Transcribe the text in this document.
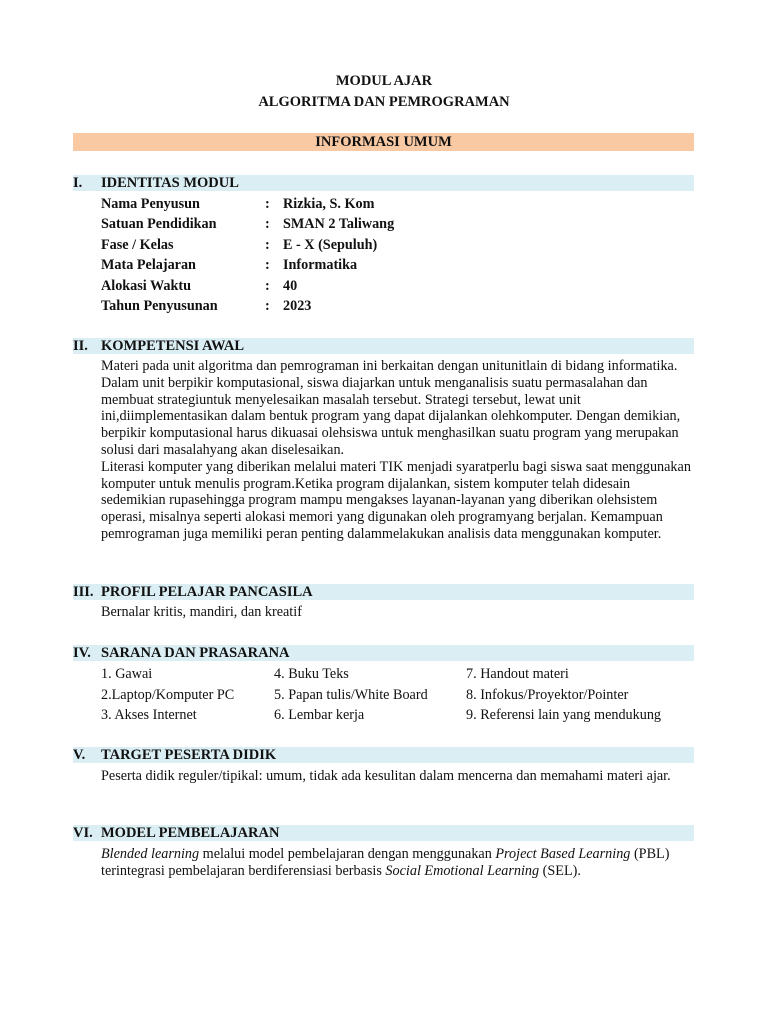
MODUL AJAR
ALGORITMA DAN PEMROGRAMAN
INFORMASI UMUM
I. IDENTITAS MODUL
Nama Penyusun	: Rizkia, S. Kom
Satuan Pendidikan	: SMAN 2 Taliwang
Fase / Kelas	: E - X (Sepuluh)
Mata Pelajaran	: Informatika
Alokasi Waktu	: 40
Tahun Penyusunan	: 2023
II. KOMPETENSI AWAL

Materi pada unit algoritma dan pemrograman ini berkaitan dengan unitunitlain di bidang informatika. Dalam unit berpikir komputasional, siswa diajarkan untuk menganalisis suatu permasalahan dan membuat strategiuntuk menyelesaikan masalah tersebut. Strategi tersebut, lewat unit ini,diimplementasikan dalam bentuk program yang dapat dijalankan olehkomputer. Dengan demikian, berpikir komputasional harus dikuasai olehsiswa untuk menghasilkan suatu program yang merupakan solusi dari masalahyang akan diselesaikan.

Literasi komputer yang diberikan melalui materi TIK menjadi syaratperlu bagi siswa saat menggunakan komputer untuk menulis program.Ketika program dijalankan, sistem komputer telah didesain sedemikian rupasehingga program mampu mengakses layanan-layanan yang diberikan olehsistem operasi, misalnya seperti alokasi memori yang digunakan oleh programyang berjalan. Kemampuan pemrograman juga memiliki peran penting dalammelakukan analisis data menggunakan komputer.

III. PROFIL PELAJAR PANCASILA
Bernalar kritis, mandiri, dan kreatif
IV. SARANA DAN PRASARANA
1. Gawai
2.Laptop/Komputer PC
3. Akses Internet
4. Buku Teks
5. Papan tulis/White Board
6. Lembar kerja
7. Handout materi
8. Infokus/Proyektor/Pointer
9. Referensi lain yang mendukung
V. TARGET PESERTA DIDIK
Peserta didik reguler/tipikal: umum, tidak ada kesulitan dalam mencerna dan memahami materi ajar.
VI. MODEL PEMBELAJARAN
Blended learning melalui model pembelajaran dengan menggunakan Project Based Learning (PBL) terintegrasi pembelajaran berdiferensiasi berbasis Social Emotional Learning (SEL).
